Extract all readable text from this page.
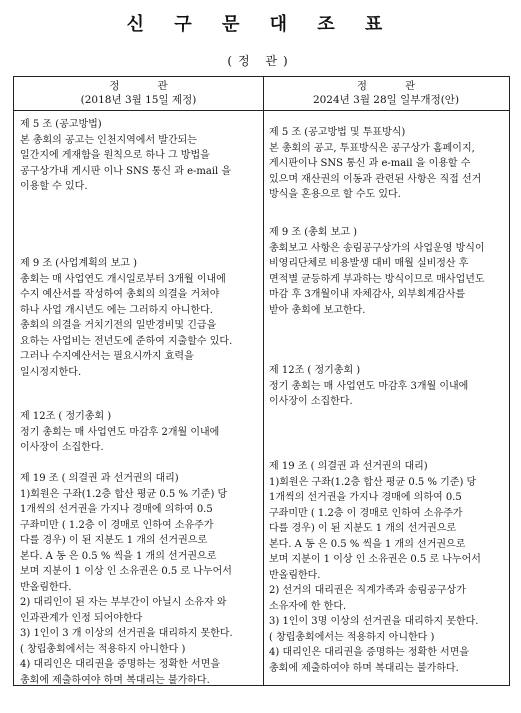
신 구 문 대 조 표
(정 관)
정관
(2018년 3월 15일 제정)

제 5 조 (공고방법)

본 총회의 공고는 인천지역에서 발간되는

일간지에 게재함을 원칙으로 하나 그 방법을

공구상가내 게시판 이나 SNS 통신 과 e-mail 을

이용할 수 있다.

제 9 조 (사업계획의 보고 )

총회는 매 사업연도 개시일로부터 3개월 이내에

수지 예산서를 작성하여 총회의 의결을 거쳐야

하나 사업 개시년도 에는 그러하지 아니한다.

총회의 의결을 거치기전의 일반경비및 긴급을

요하는 사업비는 전년도에 준하여 지출할수 있다.

그러나 수지예산서는 필요시까지 효력을

일시정지한다.

제 12조 ( 정기총회 )

정기 총회는 매 사업연도 마감후 2개월 이내에

이사장이 소집한다.

제 19 조 ( 의결권 과 선거권의 대리)

1)회원은 구좌(1.2층 합산 평균 0.5 % 기준) 당

1개씩의 선거권을 가지나 경매에 의하여 0.5

구좌미만 ( 1.2층 이 경매로 인하여 소유주가

다를 경우) 이 된 지분도 1 개의 선거권으로

본다. A 동 은 0.5 % 씩을 1 개의 선거권으로

보며 지분이 1 이상 인 소유권은 0.5 로 나누어서

반올림한다.

2) 대리인이 된 자는 부부간이 아닐시 소유자 와

인과관계가 인정 되어야한다

3) 1인이 3 개 이상의 선거권을 대리하지 못한다.

( 창립총회에서는 적용하지 아니한다 )

4) 대리인은 대리권을 증명하는 정확한 서면을

총회에 제출하여야 하며 복대리는 불가하다.

정관
2024년 3월 28일 일부개정(안)

제 5 조 (공고방법 및 투표방식)

본 총회의 공고, 투표방식은 공구상가 홈페이지,

게시판이나 SNS 통신 과 e-mail 을 이용할 수

있으며 재산권의 이동과 관련된 사항은 직접 선거

방식을 혼용으로 할 수도 있다.

제 9 조 (총회 보고 )

총회보고 사항은 송림공구상가의 사업운영 방식이

비영리단체로 비용발생 대비 매월 실비정산 후

면적별 균등하게 부과하는 방식이므로 매사업년도

마감 후 3개월이내 자체감사, 외부회계감사를

받아 총회에 보고한다.

제 12조 ( 정기총회 )

정기 총회는 매 사업연도 마감후 3개월 이내에

이사장이 소집한다.

제 19 조 ( 의결권 과 선거권의 대리)

1)회원은 구좌(1.2층 합산 평균 0.5 % 기준) 당

1개씩의 선거권을 가지나 경매에 의하여 0.5

구좌미만 ( 1.2층 이 경매로 인하여 소유주가

다를 경우) 이 된 지분도 1 개의 선거권으로

본다. A 동 은 0.5 % 씩을 1 개의 선거권으로

보며 지분이 1 이상 인 소유권은 0.5 로 나누어서

반올림한다.

2) 선거의 대리권은 직계가족과 송림공구상가

소유자에 한 한다.

3) 1인이 3명 이상의 선거권을 대리하지 못한다.

( 창립총회에서는 적용하지 아니한다 )

4) 대리인은 대리권을 증명하는 정확한 서면을

총회에 제출하여야 하며 복대리는 불가하다.
